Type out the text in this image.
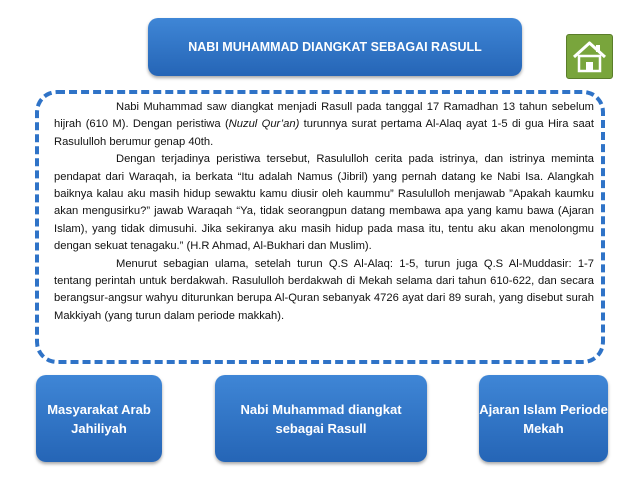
NABI MUHAMMAD DIANGKAT SEBAGAI RASULL

Nabi Muhammad saw diangkat menjadi Rasull pada tanggal 17 Ramadhan 13 tahun sebelum hijrah (610 M). Dengan peristiwa (Nuzul Qur’an) turunnya surat pertama Al-Alaq ayat 1-5 di gua Hira saat Rasululloh berumur genap 40th.

Dengan terjadinya peristiwa tersebut, Rasululloh cerita pada istrinya, dan istrinya meminta pendapat dari Waraqah, ia berkata “Itu adalah Namus (Jibril) yang pernah datang ke Nabi Isa. Alangkah baiknya kalau aku masih hidup sewaktu kamu diusir oleh kaummu” Rasululloh menjawab ”Apakah kaumku akan mengusirku?” jawab Waraqah “Ya, tidak seorangpun datang membawa apa yang kamu bawa (Ajaran Islam), yang tidak dimusuhi. Jika sekiranya aku masih hidup pada masa itu, tentu aku akan menolongmu dengan sekuat tenagaku.” (H.R Ahmad, Al-Bukhari dan Muslim).

Menurut sebagian ulama, setelah turun Q.S Al-Alaq: 1-5, turun juga Q.S Al-Muddasir: 1-7 tentang perintah untuk berdakwah. Rasululloh berdakwah di Mekah selama dari tahun 610-622, dan secara berangsur-angsur wahyu diturunkan berupa Al-Quran sebanyak 4726 ayat dari 89 surah, yang disebut surah Makkiyah (yang turun dalam periode makkah).

Masyarakat Arab Jahiliyah
Nabi Muhammad diangkat sebagai Rasull
Ajaran Islam Periode Mekah
